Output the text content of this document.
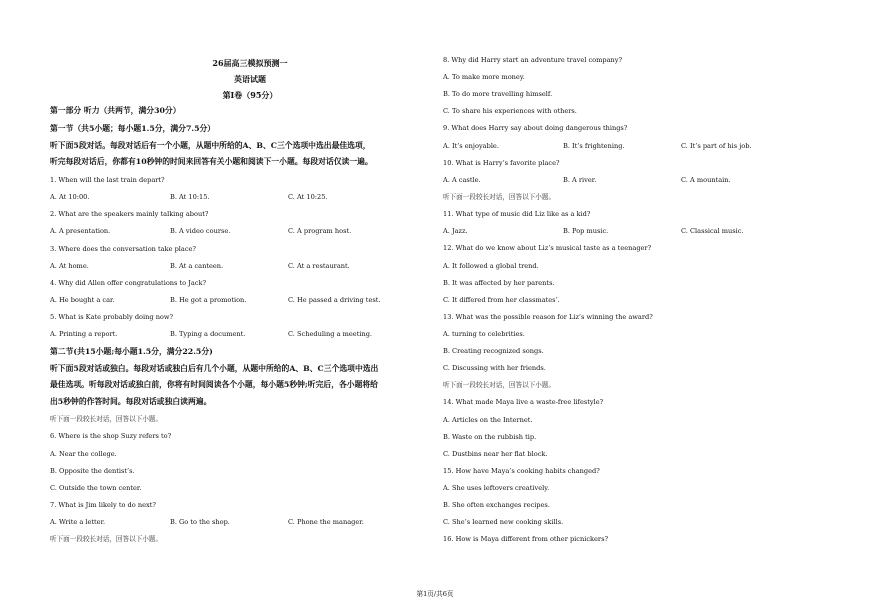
26届高三模拟预测一
英语试题
第I卷（95分）
第一部分 听力（共两节，满分30分）
第一节（共5小题；每小题1.5分，满分7.5分）
听下面5段对话。每段对话后有一个小题，从题中所给的A、B、C三个选项中选出最佳选项，
听完每段对话后，你都有10秒钟的时间来回答有关小题和阅读下一小题。每段对话仅读一遍。
1. When will the last train depart?
A. At 10:00.	B. At 10:15.	C. At 10:25.
2. What are the speakers mainly talking about?
A. A presentation.	B. A video course.	C. A program host.
3. Where does the conversation take place?
A. At home.	B. At a canteen.	C. At a restaurant.
4. Why did Allen offer congratulations to Jack?
A. He bought a car.	B. He got a promotion.	C. He passed a driving test.
5. What is Kate probably doing now?
A. Printing a report.	B. Typing a document.	C. Scheduling a meeting.
第二节(共15小题;每小题1.5分，满分22.5分)
听下面5段对话或独白。每段对话或独白后有几个小题，从题中所给的A、B、C三个选项中选出
最佳选项。听每段对话或独白前，你将有时间阅读各个小题，每小题5秒钟;听完后，各小题将给
出5秒钟的作答时间。每段对话或独白读两遍。
听下面一段较长对话，回答以下小题。
6. Where is the shop Suzy refers to?
A. Near the college.
B. Opposite the dentist’s.
C. Outside the town center.
7. What is Jim likely to do next?
A. Write a letter.	B. Go to the shop.	C. Phone the manager.
听下面一段较长对话，回答以下小题。
8. Why did Harry start an adventure travel company?
A. To make more money.
B. To do more travelling himself.
C. To share his experiences with others.
9. What does Harry say about doing dangerous things?
A. It’s enjoyable.	B. It’s frightening.	C. It’s part of his job.
10. What is Harry’s favorite place?
A. A castle.	B. A river.	C. A mountain.
听下面一段较长对话，回答以下小题。
11. What type of music did Liz like as a kid?
A. Jazz.	B. Pop music.	C. Classical music.
12. What do we know about Liz’s musical taste as a teenager?
A. It followed a global trend.
B. It was affected by her parents.
C. It differed from her classmates’.
13. What was the possible reason for Liz’s winning the award?
A. turning to celebrities.
B. Creating recognized songs.
C. Discussing with her friends.
听下面一段较长对话，回答以下小题。
14. What made Maya live a waste-free lifestyle?
A. Articles on the Internet.
B. Waste on the rubbish tip.
C. Dustbins near her flat block.
15. How have Maya’s cooking habits changed?
A. She uses leftovers creatively.
B. She often exchanges recipes.
C. She’s learned new cooking skills.
16. How is Maya different from other picnickers?
第1页/共6页
